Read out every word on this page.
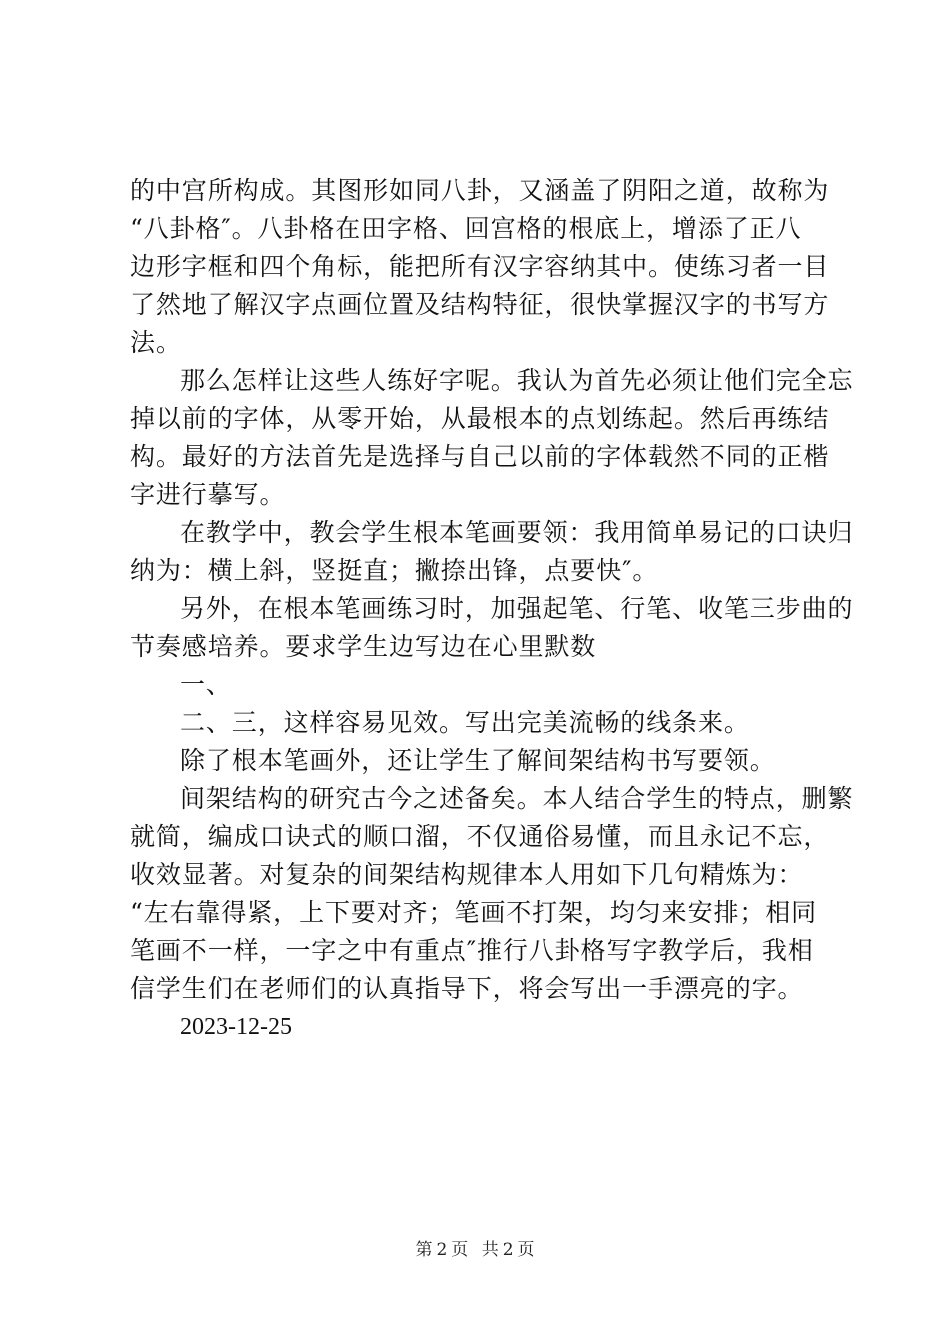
的中宫所构成。其图形如同八卦，又涵盖了阴阳之道，故称为
“八卦格″。八卦格在田字格、回宫格的根底上，增添了正八
边形字框和四个角标，能把所有汉字容纳其中。使练习者一目
了然地了解汉字点画位置及结构特征，很快掌握汉字的书写方
法。
那么怎样让这些人练好字呢。我认为首先必须让他们完全忘
掉以前的字体，从零开始，从最根本的点划练起。然后再练结
构。最好的方法首先是选择与自己以前的字体载然不同的正楷
字进行摹写。
在教学中，教会学生根本笔画要领：我用简单易记的口诀归
纳为：横上斜，竖挺直；撇捺出锋，点要快″。
另外，在根本笔画练习时，加强起笔、行笔、收笔三步曲的
节奏感培养。要求学生边写边在心里默数
一、
二、三，这样容易见效。写出完美流畅的线条来。
除了根本笔画外，还让学生了解间架结构书写要领。
间架结构的研究古今之述备矣。本人结合学生的特点，删繁
就简，编成口诀式的顺口溜，不仅通俗易懂，而且永记不忘，
收效显著。对复杂的间架结构规律本人用如下几句精炼为：
“左右靠得紧，上下要对齐；笔画不打架，均匀来安排；相同
笔画不一样，一字之中有重点″推行八卦格写字教学后，我相
信学生们在老师们的认真指导下，将会写出一手漂亮的字。
2023-12-25
第 2 页 共 2 页
